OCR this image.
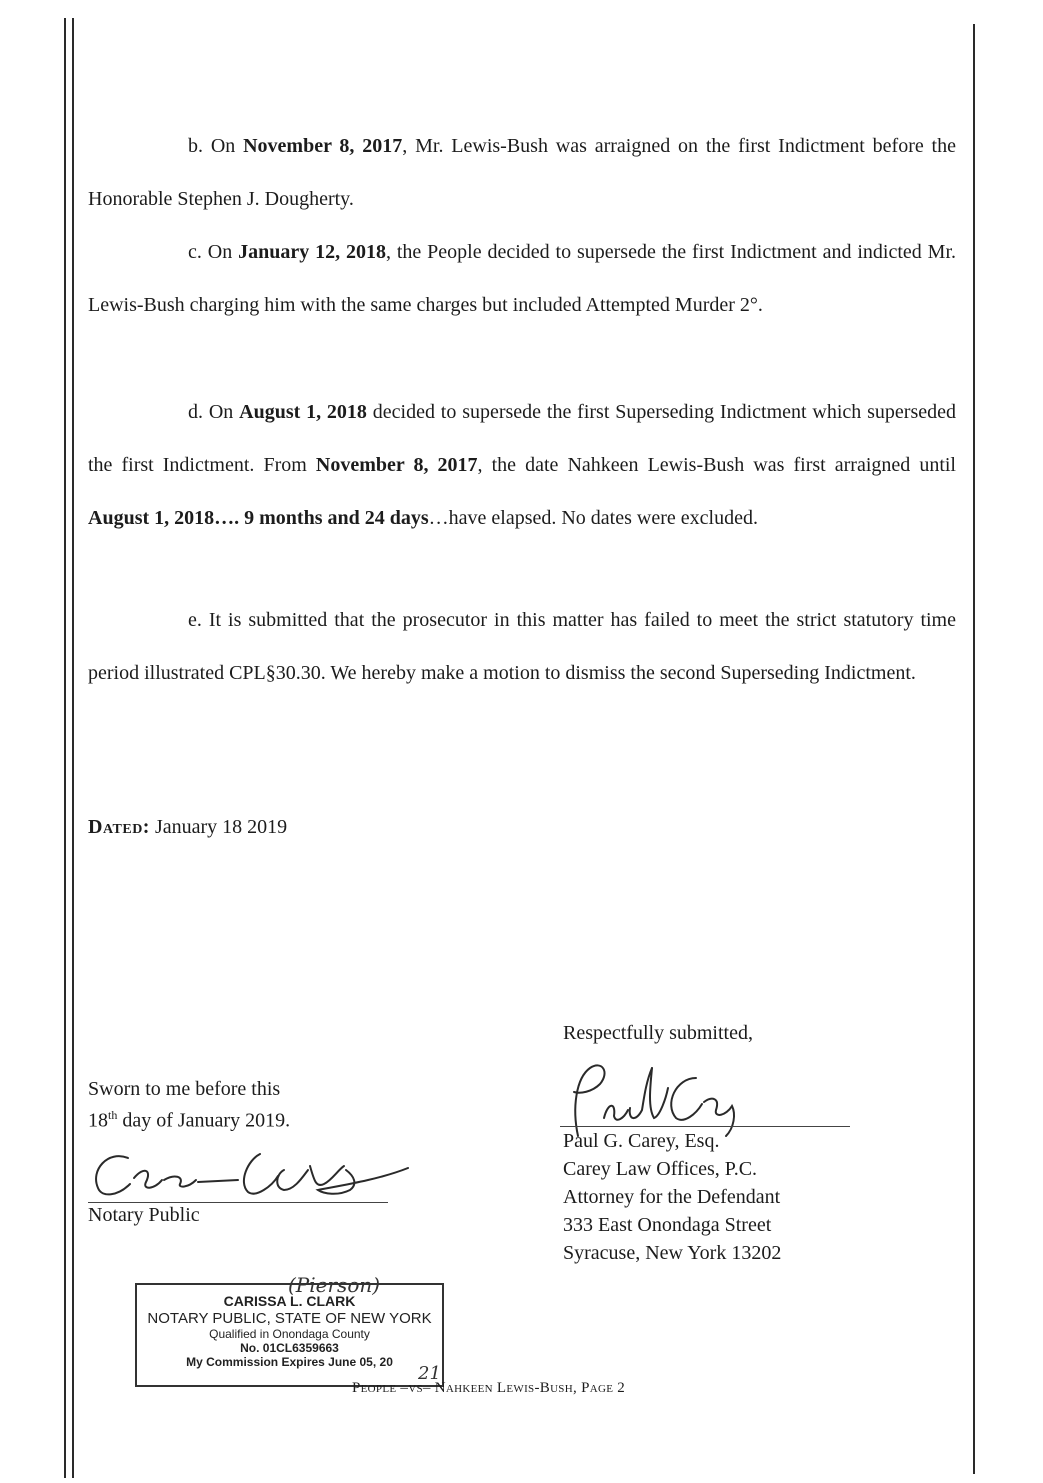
b. On November 8, 2017, Mr. Lewis-Bush was arraigned on the first Indictment before the Honorable Stephen J. Dougherty.

c. On January 12, 2018, the People decided to supersede the first Indictment and indicted Mr. Lewis-Bush charging him with the same charges but included Attempted Murder 2°.

d. On August 1, 2018 decided to supersede the first Superseding Indictment which superseded the first Indictment. From November 8, 2017, the date Nahkeen Lewis-Bush was first arraigned until August 1, 2018…. 9 months and 24 days…have elapsed. No dates were excluded.

e. It is submitted that the prosecutor in this matter has failed to meet the strict statutory time period illustrated CPL§30.30. We hereby make a motion to dismiss the second Superseding Indictment.

Dated: January 18 2019
Sworn to me before this
18th day of January 2019.
Notary Public
Respectfully submitted,
Paul G. Carey, Esq.
Carey Law Offices, P.C.
Attorney for the Defendant
333 East Onondaga Street
Syracuse, New York 13202
CARISSA L. CLARK
NOTARY PUBLIC, STATE OF NEW YORK
Qualified in Onondaga County
No. 01CL6359663
My Commission Expires June 05, 20
(Pierson)
21
People –vs– Nahkeen Lewis-Bush, Page 2
